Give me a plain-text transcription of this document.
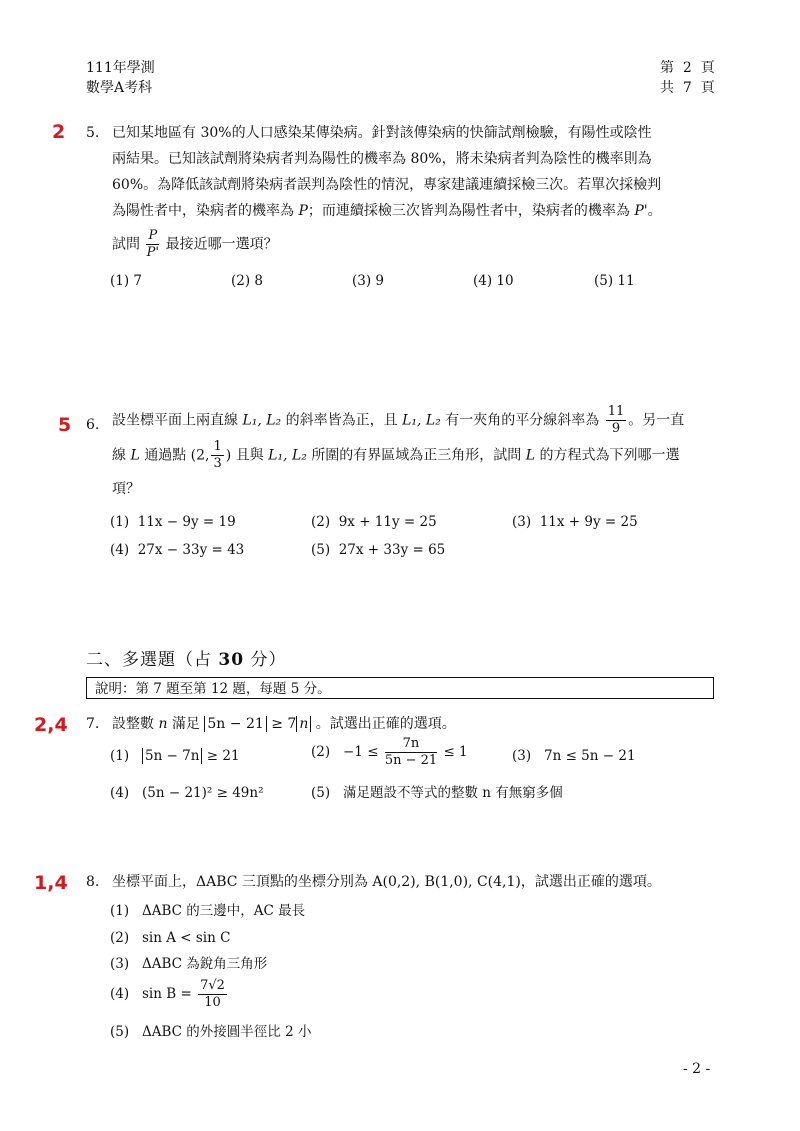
111年學測
數學A考科
第  2  頁
共  7  頁
2 5. 已知某地區有 30%的人口感染某傳染病。針對該傳染病的快篩試劑檢驗，有陽性或陰性
兩結果。已知該試劑將染病者判為陽性的機率為 80%，將未染病者判為陰性的機率則為
60%。為降低該試劑將染病者誤判為陰性的情況，專家建議連續採檢三次。若單次採檢判
為陽性者中，染病者的機率為 P；而連續採檢三次皆判為陽性者中，染病者的機率為 P'。
試問 $\frac{P}{P'}$ 最接近哪一選項？
(1) 7	(2) 8	(3) 9	(4) 10	(5) 11
5 6. 設坐標平面上兩直線 L₁, L₂ 的斜率皆為正，且 L₁, L₂ 有一夾角的平分線斜率為 $\frac{11}{9}$ 。另一直
線 L 通過點 (2, $\frac{1}{3}$ ) 且與 L₁, L₂ 所圍的有界區域為正三角形，試問 L 的方程式為下列哪一選
項？
(1)  11x − 9y = 19	(2)  9x + 11y = 25	(3)  11x + 9y = 25
(4)  27x − 33y = 43	(5)  27x + 33y = 65
二、多選題（占 30 分）
說明：第 7 題至第 12 題，每題 5 分。
2,4 7. 設整數 n 滿足 5n − 21 ≥ 7 n 。試選出正確的選項。
(1) 5n − 7n ≥ 21	$(2) -1 \le \frac{7n}{5n - 21} \le 1$	(3)   7n ≤ 5n − 21
(4)   (5n − 21)² ≥ 49n²	(5)   滿足題設不等式的整數 n 有無窮多個
1,4 8. 坐標平面上，ΔABC 三頂點的坐標分別為 A(0,2), B(1,0), C(4,1)，試選出正確的選項。
(1)   ΔABC 的三邊中，AC 最長
(2)   sin A < sin C
(3)   ΔABC 為銳角三角形
(4)   $\sin B = \frac{7√2}{10}$
(5)   ΔABC 的外接圓半徑比 2 小
- 2 -
